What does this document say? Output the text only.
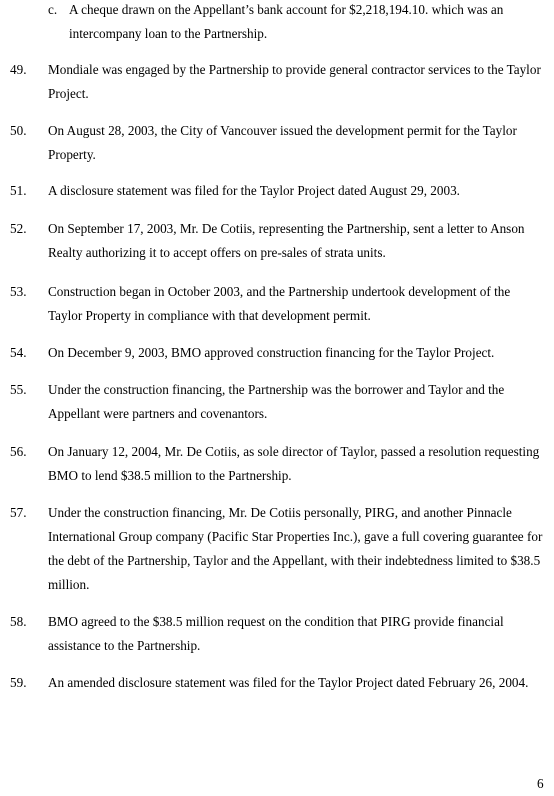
c. A cheque drawn on the Appellant’s bank account for $2,218,194.10. which was an intercompany loan to the Partnership.
49. Mondiale was engaged by the Partnership to provide general contractor services to the Taylor Project.
50. On August 28, 2003, the City of Vancouver issued the development permit for the Taylor Property.
51. A disclosure statement was filed for the Taylor Project dated August 29, 2003.
52. On September 17, 2003, Mr. De Cotiis, representing the Partnership, sent a letter to Anson Realty authorizing it to accept offers on pre-sales of strata units.
53. Construction began in October 2003, and the Partnership undertook development of the Taylor Property in compliance with that development permit.
54. On December 9, 2003, BMO approved construction financing for the Taylor Project.
55. Under the construction financing, the Partnership was the borrower and Taylor and the Appellant were partners and covenantors.
56. On January 12, 2004, Mr. De Cotiis, as sole director of Taylor, passed a resolution requesting BMO to lend $38.5 million to the Partnership.
57. Under the construction financing, Mr. De Cotiis personally, PIRG, and another Pinnacle International Group company (Pacific Star Properties Inc.), gave a full covering guarantee for the debt of the Partnership, Taylor and the Appellant, with their indebtedness limited to $38.5 million.
58. BMO agreed to the $38.5 million request on the condition that PIRG provide financial assistance to the Partnership.
59. An amended disclosure statement was filed for the Taylor Project dated February 26, 2004.
6
